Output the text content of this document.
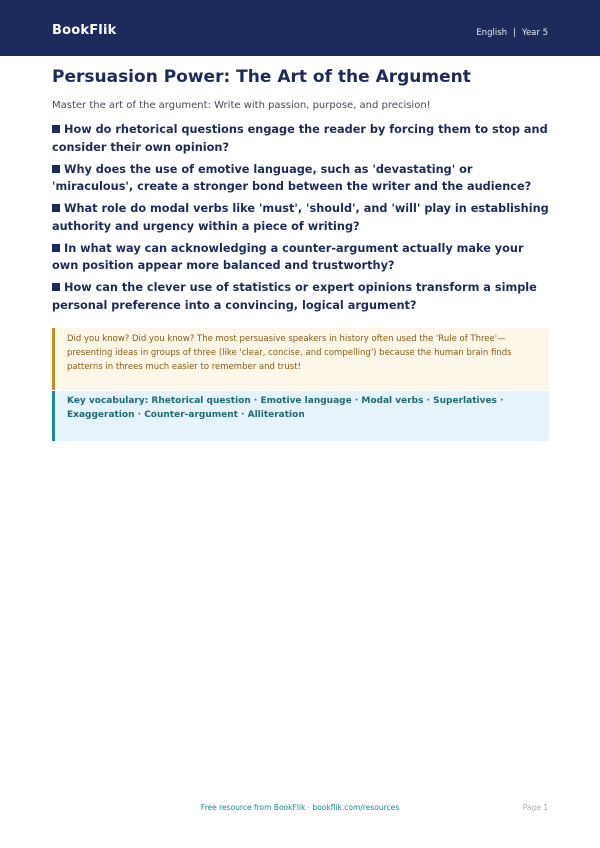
BookFlik	English | Year 5
Persuasion Power: The Art of the Argument
Master the art of the argument: Write with passion, purpose, and precision!
How do rhetorical questions engage the reader by forcing them to stop and consider their own opinion?
Why does the use of emotive language, such as 'devastating' or 'miraculous', create a stronger bond between the writer and the audience?
What role do modal verbs like 'must', 'should', and 'will' play in establishing authority and urgency within a piece of writing?
In what way can acknowledging a counter-argument actually make your own position appear more balanced and trustworthy?
How can the clever use of statistics or expert opinions transform a simple personal preference into a convincing, logical argument?
Did you know? Did you know? The most persuasive speakers in history often used the 'Rule of Three'—presenting ideas in groups of three (like 'clear, concise, and compelling') because the human brain finds patterns in threes much easier to remember and trust!
Key vocabulary: Rhetorical question · Emotive language · Modal verbs · Superlatives · Exaggeration · Counter-argument · Alliteration
Free resource from BookFlik · bookflik.com/resources	Page 1
